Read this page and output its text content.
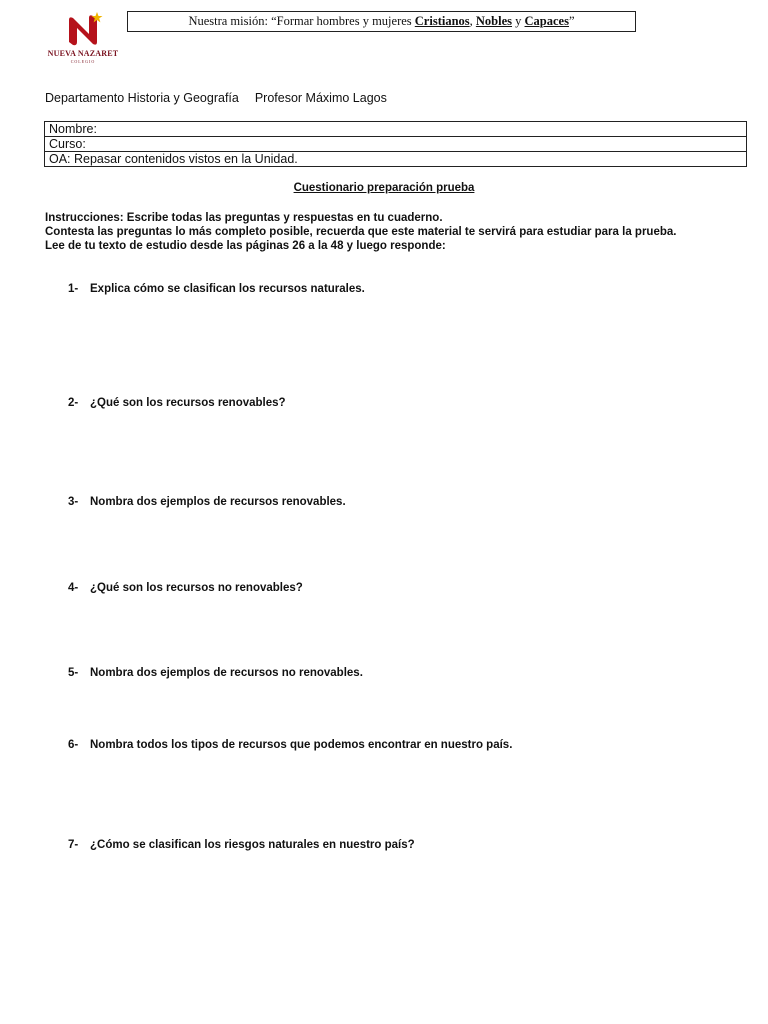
NUEVA NAZARET
COLEGIO
Nuestra misión: “Formar hombres y mujeres Cristianos, Nobles y Capaces”
Departamento Historia y Geografía Profesor Máximo Lagos
Nombre:
Curso:
OA: Repasar contenidos vistos en la Unidad.
Cuestionario preparación prueba
Instrucciones: Escribe todas las preguntas y respuestas en tu cuaderno.
Contesta las preguntas lo más completo posible, recuerda que este material te servirá para estudiar para la prueba.
Lee de tu texto de estudio desde las páginas 26 a la 48 y luego responde:
1- Explica cómo se clasifican los recursos naturales.
2- ¿Qué son los recursos renovables?
3- Nombra dos ejemplos de recursos renovables.
4- ¿Qué son los recursos no renovables?
5- Nombra dos ejemplos de recursos no renovables.
6- Nombra todos los tipos de recursos que podemos encontrar en nuestro país.
7- ¿Cómo se clasifican los riesgos naturales en nuestro país?
